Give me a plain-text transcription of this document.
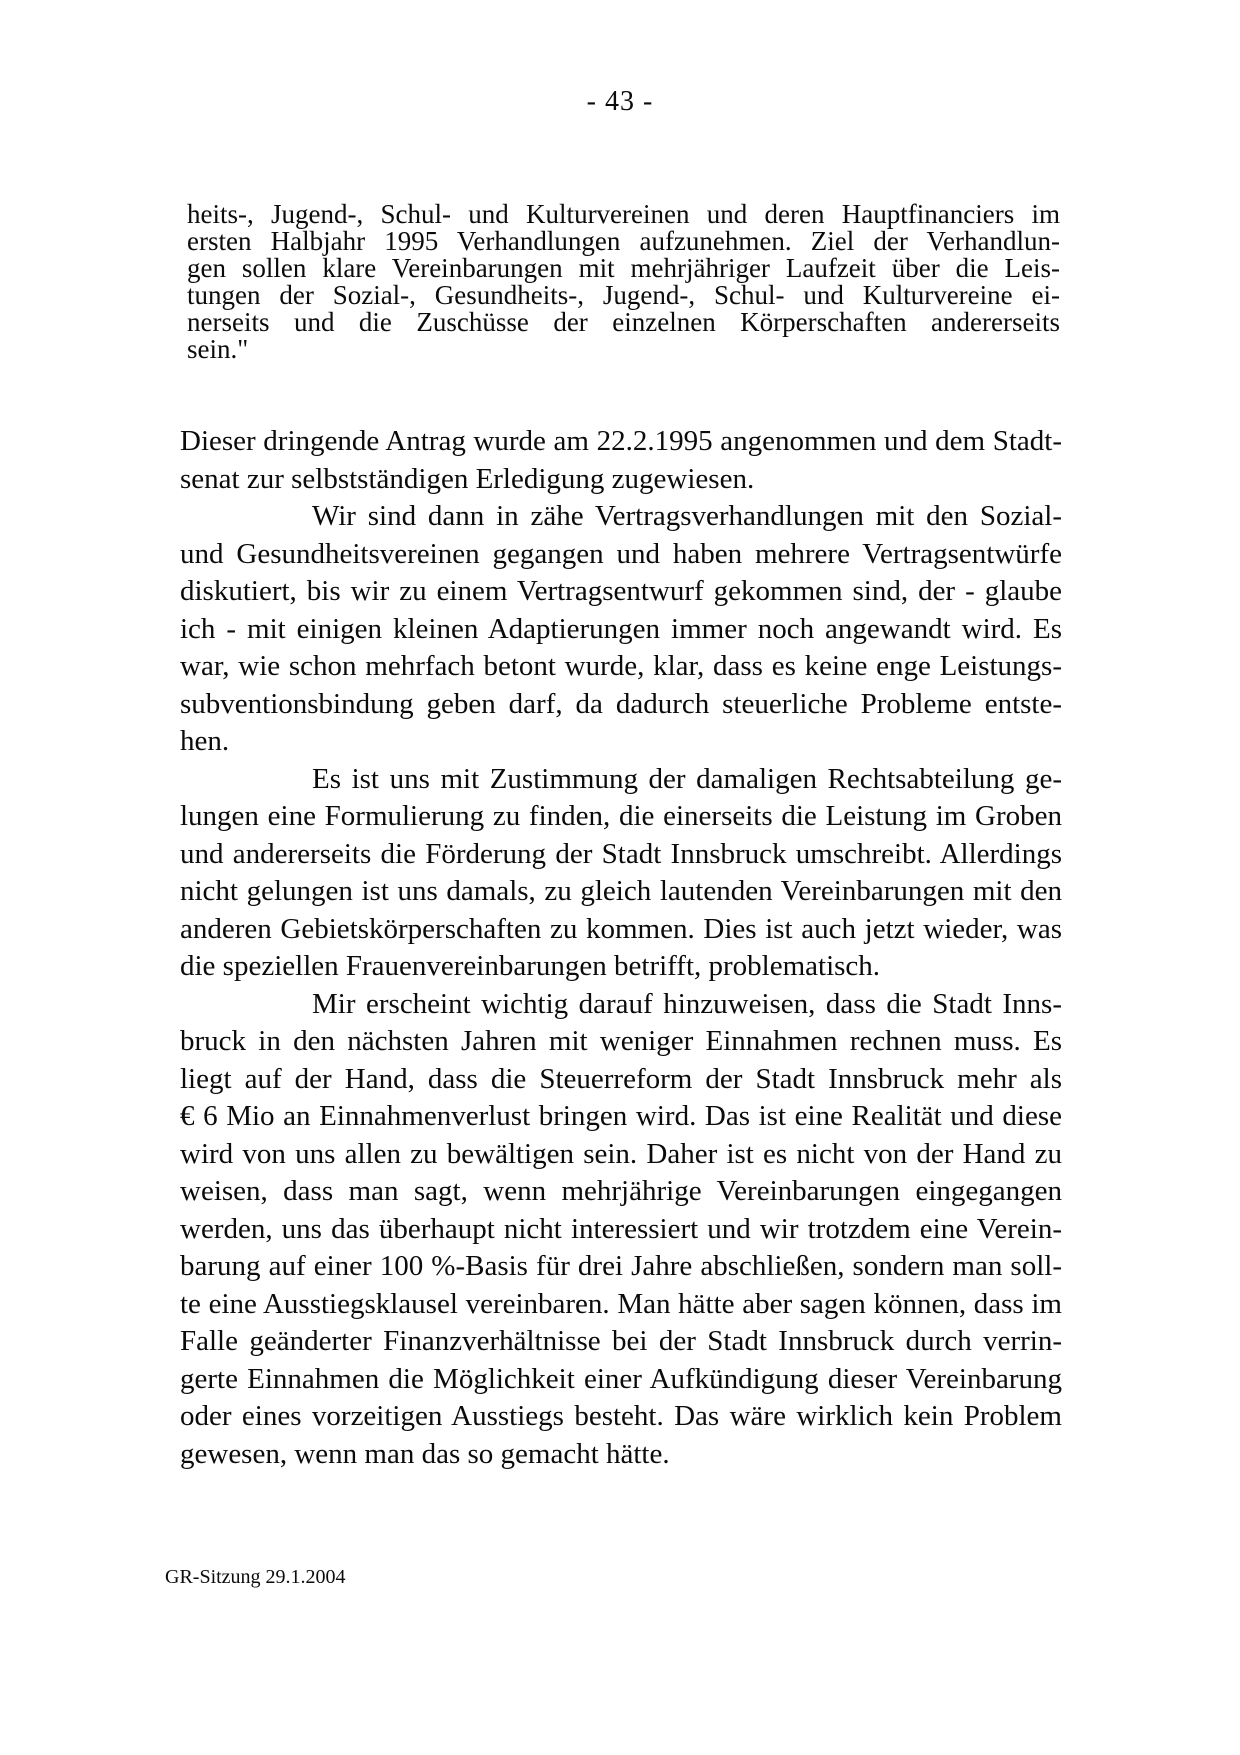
- 43 -
heits-, Jugend-, Schul- und Kulturvereinen und deren Hauptfinanciers im
ersten Halbjahr 1995 Verhandlungen aufzunehmen. Ziel der Verhandlun-
gen sollen klare Vereinbarungen mit mehrjähriger Laufzeit über die Leis-
tungen der Sozial-, Gesundheits-, Jugend-, Schul- und Kulturvereine ei-
nerseits und die Zuschüsse der einzelnen Körperschaften andererseits
sein."
Dieser dringende Antrag wurde am 22.2.1995 angenommen und dem Stadt-
senat zur selbstständigen Erledigung zugewiesen.
Wir sind dann in zähe Vertragsverhandlungen mit den Sozial-
und Gesundheitsvereinen gegangen und haben mehrere Vertragsentwürfe
diskutiert, bis wir zu einem Vertragsentwurf gekommen sind, der - glaube
ich - mit einigen kleinen Adaptierungen immer noch angewandt wird. Es
war, wie schon mehrfach betont wurde, klar, dass es keine enge Leistungs-
subventionsbindung geben darf, da dadurch steuerliche Probleme entste-
hen.
Es ist uns mit Zustimmung der damaligen Rechtsabteilung ge-
lungen eine Formulierung zu finden, die einerseits die Leistung im Groben
und andererseits die Förderung der Stadt Innsbruck umschreibt. Allerdings
nicht gelungen ist uns damals, zu gleich lautenden Vereinbarungen mit den
anderen Gebietskörperschaften zu kommen. Dies ist auch jetzt wieder, was
die speziellen Frauenvereinbarungen betrifft, problematisch.
Mir erscheint wichtig darauf hinzuweisen, dass die Stadt Inns-
bruck in den nächsten Jahren mit weniger Einnahmen rechnen muss. Es
liegt auf der Hand, dass die Steuerreform der Stadt Innsbruck mehr als
€ 6 Mio an Einnahmenverlust bringen wird. Das ist eine Realität und diese
wird von uns allen zu bewältigen sein. Daher ist es nicht von der Hand zu
weisen, dass man sagt, wenn mehrjährige Vereinbarungen eingegangen
werden, uns das überhaupt nicht interessiert und wir trotzdem eine Verein-
barung auf einer 100 %-Basis für drei Jahre abschließen, sondern man soll-
te eine Ausstiegsklausel vereinbaren. Man hätte aber sagen können, dass im
Falle geänderter Finanzverhältnisse bei der Stadt Innsbruck durch verrin-
gerte Einnahmen die Möglichkeit einer Aufkündigung dieser Vereinbarung
oder eines vorzeitigen Ausstiegs besteht. Das wäre wirklich kein Problem
gewesen, wenn man das so gemacht hätte.
GR-Sitzung 29.1.2004
